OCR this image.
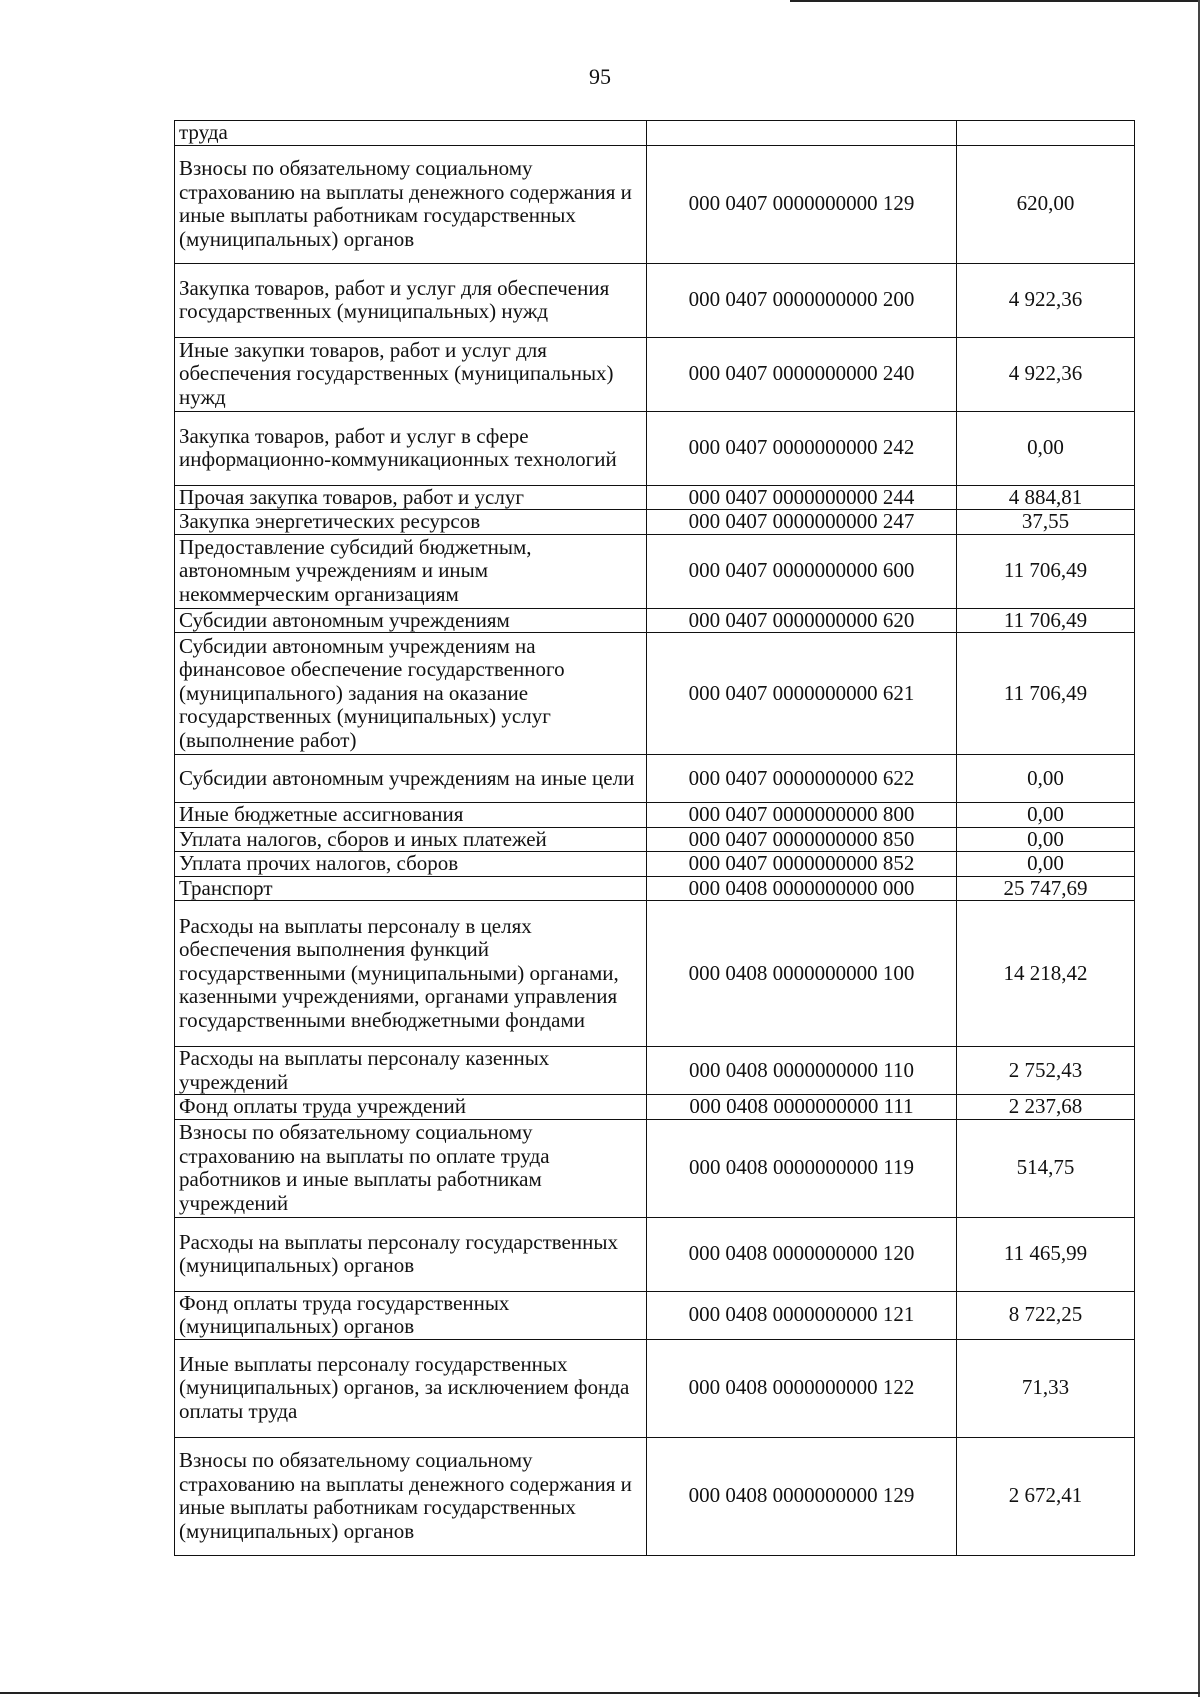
95
труда		
Взносы по обязательному социальному страхованию на выплаты денежного содержания и иные выплаты работникам государственных (муниципальных) органов	000 0407 0000000000 129	620,00
Закупка товаров, работ и услуг для обеспечения государственных (муниципальных) нужд	000 0407 0000000000 200	4 922,36
Иные закупки товаров, работ и услуг для обеспечения государственных (муниципальных) нужд	000 0407 0000000000 240	4 922,36
Закупка товаров, работ и услуг в сфере информационно-коммуникационных технологий	000 0407 0000000000 242	0,00
Прочая закупка товаров, работ и услуг	000 0407 0000000000 244	4 884,81
Закупка энергетических ресурсов	000 0407 0000000000 247	37,55
Предоставление субсидий бюджетным, автономным учреждениям и иным некоммерческим организациям	000 0407 0000000000 600	11 706,49
Субсидии автономным учреждениям	000 0407 0000000000 620	11 706,49
Субсидии автономным учреждениям на финансовое обеспечение государственного (муниципального) задания на оказание государственных (муниципальных) услуг (выполнение работ)	000 0407 0000000000 621	11 706,49
Субсидии автономным учреждениям на иные цели	000 0407 0000000000 622	0,00
Иные бюджетные ассигнования	000 0407 0000000000 800	0,00
Уплата налогов, сборов и иных платежей	000 0407 0000000000 850	0,00
Уплата прочих налогов, сборов	000 0407 0000000000 852	0,00
Транспорт	000 0408 0000000000 000	25 747,69
Расходы на выплаты персоналу в целях обеспечения выполнения функций государственными (муниципальными) органами, казенными учреждениями, органами управления государственными внебюджетными фондами	000 0408 0000000000 100	14 218,42
Расходы на выплаты персоналу казенных учреждений	000 0408 0000000000 110	2 752,43
Фонд оплаты труда учреждений	000 0408 0000000000 111	2 237,68
Взносы по обязательному социальному страхованию на выплаты по оплате труда работников и иные выплаты работникам учреждений	000 0408 0000000000 119	514,75
Расходы на выплаты персоналу государственных (муниципальных) органов	000 0408 0000000000 120	11 465,99
Фонд оплаты труда государственных (муниципальных) органов	000 0408 0000000000 121	8 722,25
Иные выплаты персоналу государственных (муниципальных) органов, за исключением фонда оплаты труда	000 0408 0000000000 122	71,33
Взносы по обязательному социальному страхованию на выплаты денежного содержания и иные выплаты работникам государственных (муниципальных) органов	000 0408 0000000000 129	2 672,41
